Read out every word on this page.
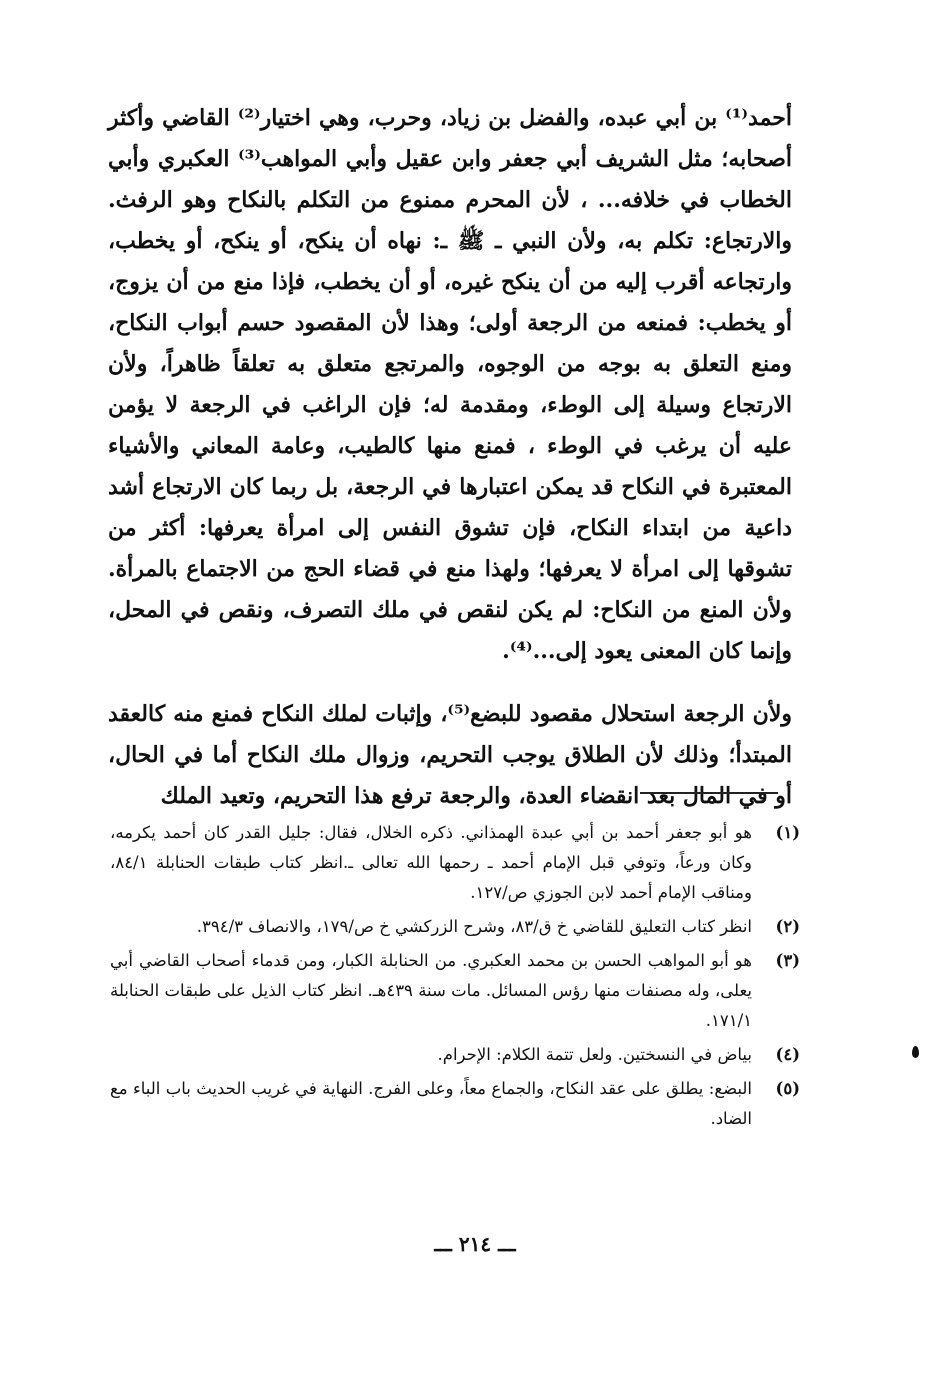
أحمد⁽¹⁾ بن أبي عبده، والفضل بن زياد، وحرب، وهي اختيار⁽²⁾ القاضي وأكثر أصحابه؛ مثل الشريف أبي جعفر وابن عقيل وأبي المواهب⁽³⁾ العكبري وأبي الخطاب في خلافه... ، لأن المحرم ممنوع من التكلم بالنكاح وهو الرفث. والارتجاع: تكلم به، ولأن النبي ـ ﷺ ـ: نهاه أن ينكح، أو ينكح، أو يخطب، وارتجاعه أقرب إليه من أن ينكح غيره، أو أن يخطب، فإذا منع من أن يزوج، أو يخطب: فمنعه من الرجعة أولى؛ وهذا لأن المقصود حسم أبواب النكاح، ومنع التعلق به بوجه من الوجوه، والمرتجع متعلق به تعلقاً ظاهراً، ولأن الارتجاع وسيلة إلى الوطء، ومقدمة له؛ فإن الراغب في الرجعة لا يؤمن عليه أن يرغب في الوطء ، فمنع منها كالطيب، وعامة المعاني والأشياء المعتبرة في النكاح قد يمكن اعتبارها في الرجعة، بل ربما كان الارتجاع أشد داعية من ابتداء النكاح، فإن تشوق النفس إلى امرأة يعرفها: أكثر من تشوقها إلى امرأة لا يعرفها؛ ولهذا منع في قضاء الحج من الاجتماع بالمرأة. ولأن المنع من النكاح: لم يكن لنقص في ملك التصرف، ونقص في المحل، وإنما كان المعنى يعود إلى...⁽⁴⁾.

ولأن الرجعة استحلال مقصود للبضع⁽⁵⁾، وإثبات لملك النكاح فمنع منه كالعقد المبتدأ؛ وذلك لأن الطلاق يوجب التحريم، وزوال ملك النكاح أما في الحال، أو في المال بعد انقضاء العدة، والرجعة ترفع هذا التحريم، وتعيد الملك

(١)
هو أبو جعفر أحمد بن أبي عبدة الهمذاني. ذكره الخلال، فقال: جليل القدر كان أحمد يكرمه، وكان ورعاً، وتوفي قبل الإمام أحمد ـ رحمها الله تعالى ـ.انظر كتاب طبقات الحنابلة ٨٤/١، ومناقب الإمام أحمد لابن الجوزي ص/١٢٧.
(٢)
انظر كتاب التعليق للقاضي خ ق/٨٣، وشرح الزركشي خ ص/١٧٩، والانصاف ٣٩٤/٣.
(٣)
هو أبو المواهب الحسن بن محمد العكبري. من الحنابلة الكبار، ومن قدماء أصحاب القاضي أبي يعلى، وله مصنفات منها رؤس المسائل. مات سنة ٤٣٩هـ. انظر كتاب الذيل على طبقات الحنابلة ١٧١/١.
(٤)
بياض في النسختين. ولعل تتمة الكلام: الإحرام.
(٥)
البضع: يطلق على عقد النكاح، والجماع معاً، وعلى الفرج. النهاية في غريب الحديث باب الباء مع الضاد.
ـــ ٢١٤ ـــ
